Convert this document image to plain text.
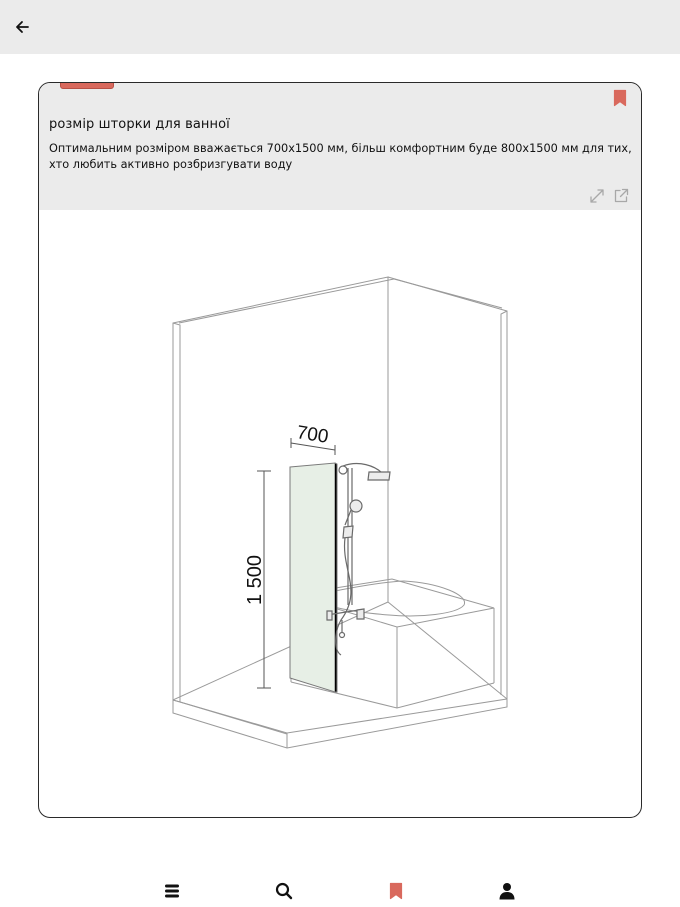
розмір шторки для ванної
Оптимальним розміром вважається 700х1500 мм, більш комфортним буде 800х1500 мм для тих, хто любить активно розбризгувати воду
700
1 500
